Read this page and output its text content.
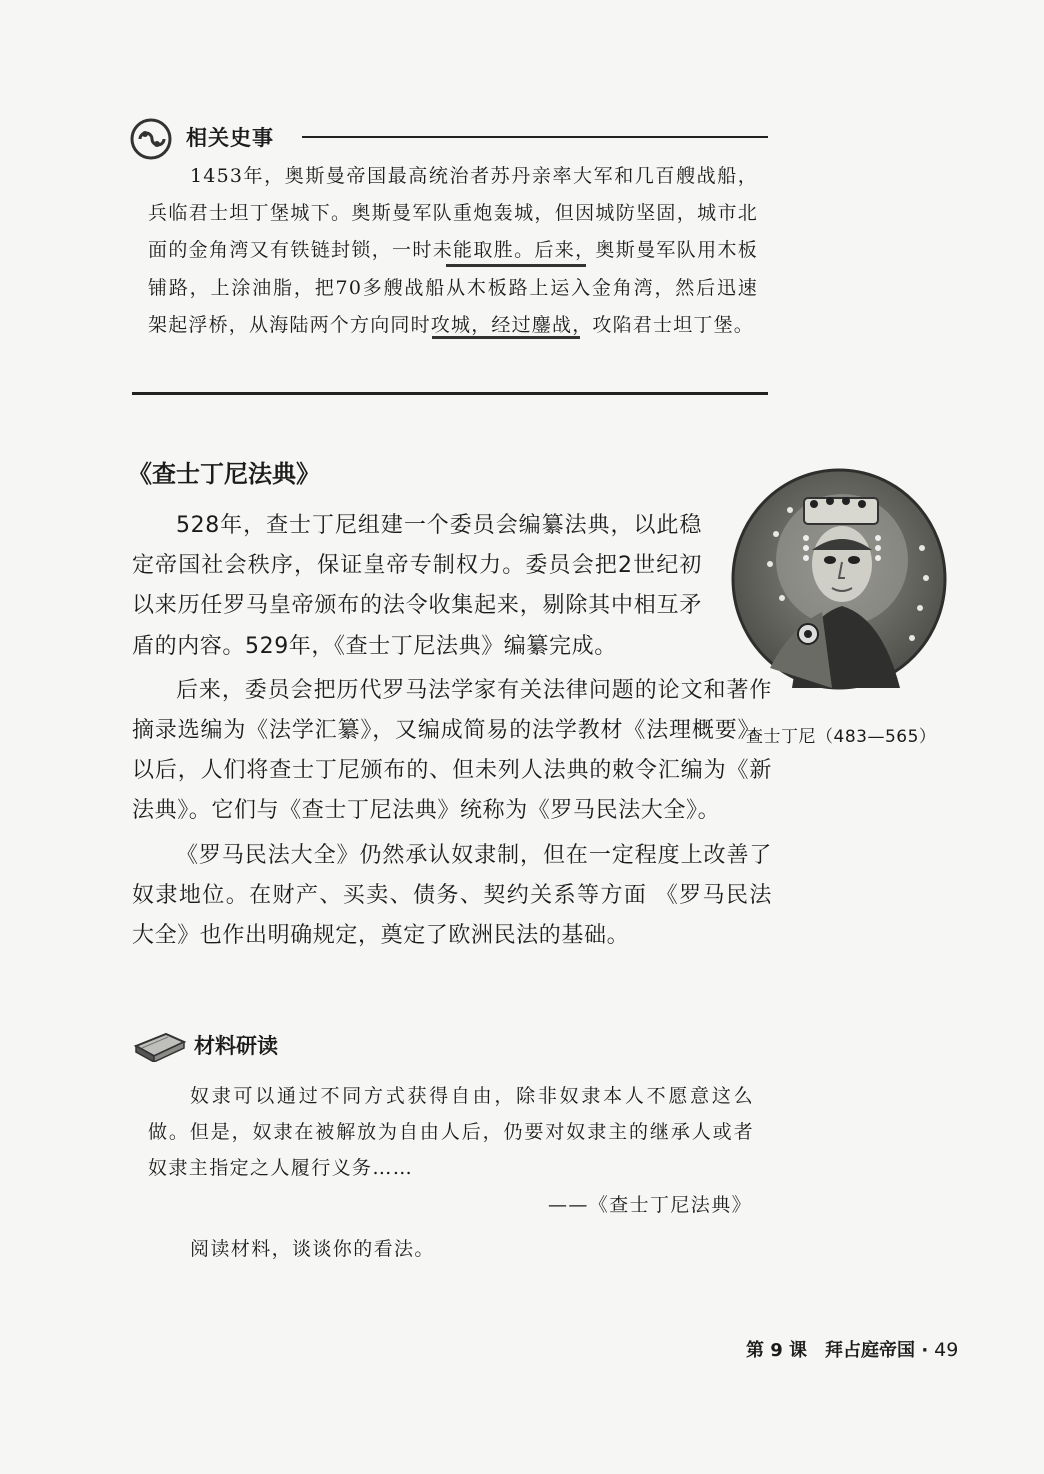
相关史事

1453年，奥斯曼帝国最高统治者苏丹亲率大军和几百艘战船，兵临君士坦丁堡城下。奥斯曼军队重炮轰城，但因城防坚固，城市北面的金角湾又有铁链封锁，一时未能取胜。后来，奥斯曼军队用木板铺路，上涂油脂，把70多艘战船从木板路上运入金角湾，然后迅速架起浮桥，从海陆两个方向同时攻城，经过鏖战，攻陷君士坦丁堡。

《查士丁尼法典》

528年，查士丁尼组建一个委员会编纂法典，以此稳定帝国社会秩序，保证皇帝专制权力。委员会把2世纪初以来历任罗马皇帝颁布的法令收集起来，剔除其中相互矛盾的内容。529年，《查士丁尼法典》编纂完成。

后来，委员会把历代罗马法学家有关法律问题的论文和著作摘录选编为《法学汇纂》，又编成简易的法学教材《法理概要》。以后，人们将查士丁尼颁布的、但未列人法典的敕令汇编为《新法典》。它们与《查士丁尼法典》统称为《罗马民法大全》。

《罗马民法大全》仍然承认奴隶制，但在一定程度上改善了奴隶地位。在财产、买卖、债务、契约关系等方面 《罗马民法大全》也作出明确规定，奠定了欧洲民法的基础。

查士丁尼（483—565）
材料研读

奴隶可以通过不同方式获得自由，除非奴隶本人不愿意这么做。但是，奴隶在被解放为自由人后，仍要对奴隶主的继承人或者奴隶主指定之人履行义务……

——《查士丁尼法典》
阅读材料，谈谈你的看法。
第 9 课　拜占庭帝国 · 49
